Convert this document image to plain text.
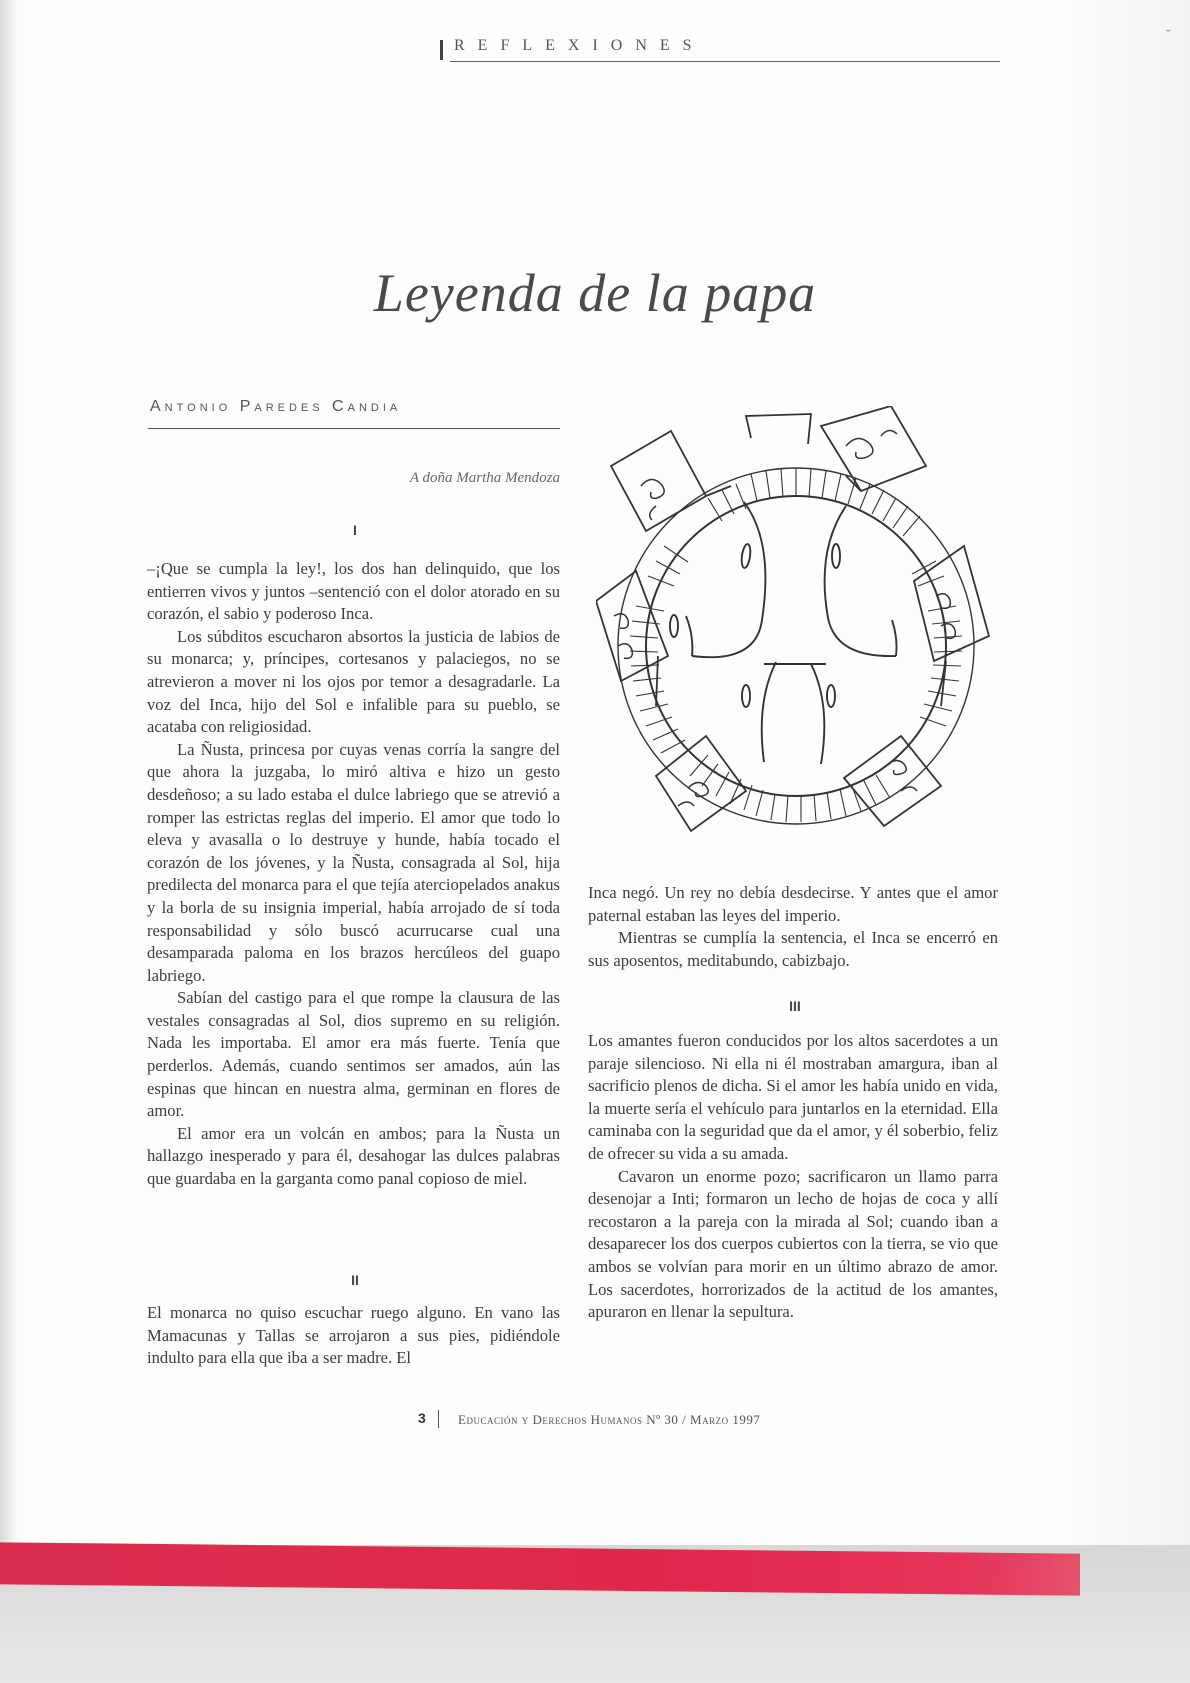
ˇ
REFLEXIONES
Leyenda de la papa
Antonio Paredes Candia
A doña Martha Mendoza
I

–¡Que se cumpla la ley!, los dos han delinquido, que los entierren vivos y juntos –sentenció con el dolor atorado en su corazón, el sabio y poderoso Inca.

Los súbditos escucharon absortos la justicia de labios de su monarca; y, príncipes, cortesanos y palaciegos, no se atrevieron a mover ni los ojos por temor a desagradarle. La voz del Inca, hijo del Sol e infalible para su pueblo, se acataba con religiosidad.

La Ñusta, princesa por cuyas venas corría la sangre del que ahora la juzgaba, lo miró altiva e hizo un gesto desdeñoso; a su lado estaba el dulce labriego que se atrevió a romper las estrictas reglas del imperio. El amor que todo lo eleva y avasalla o lo destruye y hunde, había tocado el corazón de los jóvenes, y la Ñusta, consagrada al Sol, hija predilecta del monarca para el que tejía aterciopelados anakus y la borla de su insignia imperial, había arrojado de sí toda responsabilidad y sólo buscó acurrucarse cual una desamparada paloma en los brazos hercúleos del guapo labriego.

Sabían del castigo para el que rompe la clausura de las vestales consagradas al Sol, dios supremo en su religión. Nada les importaba. El amor era más fuerte. Tenía que perderlos. Además, cuando sentimos ser amados, aún las espinas que hincan en nuestra alma, germinan en flores de amor.

El amor era un volcán en ambos; para la Ñusta un hallazgo inesperado y para él, desahogar las dulces palabras que guardaba en la garganta como panal copioso de miel.

II

El monarca no quiso escuchar ruego alguno. En vano las Mamacunas y Tallas se arrojaron a sus pies, pidiéndole indulto para ella que iba a ser madre. El

Inca negó. Un rey no debía desdecirse. Y antes que el amor paternal estaban las leyes del imperio.

Mientras se cumplía la sentencia, el Inca se encerró en sus aposentos, meditabundo, cabizbajo.

III

Los amantes fueron conducidos por los altos sacerdotes a un paraje silencioso. Ni ella ni él mostraban amargura, iban al sacrificio plenos de dicha. Si el amor les había unido en vida, la muerte sería el vehículo para juntarlos en la eternidad. Ella caminaba con la seguridad que da el amor, y él soberbio, feliz de ofrecer su vida a su amada.

Cavaron un enorme pozo; sacrificaron un llamo parra desenojar a Inti; formaron un lecho de hojas de coca y allí recostaron a la pareja con la mirada al Sol; cuando iban a desaparecer los dos cuerpos cubiertos con la tierra, se vio que ambos se volvían para morir en un último abrazo de amor. Los sacerdotes, horrorizados de la actitud de los amantes, apuraron en llenar la sepultura.

3 Educación y Derechos Humanos Nº 30 / Marzo 1997
